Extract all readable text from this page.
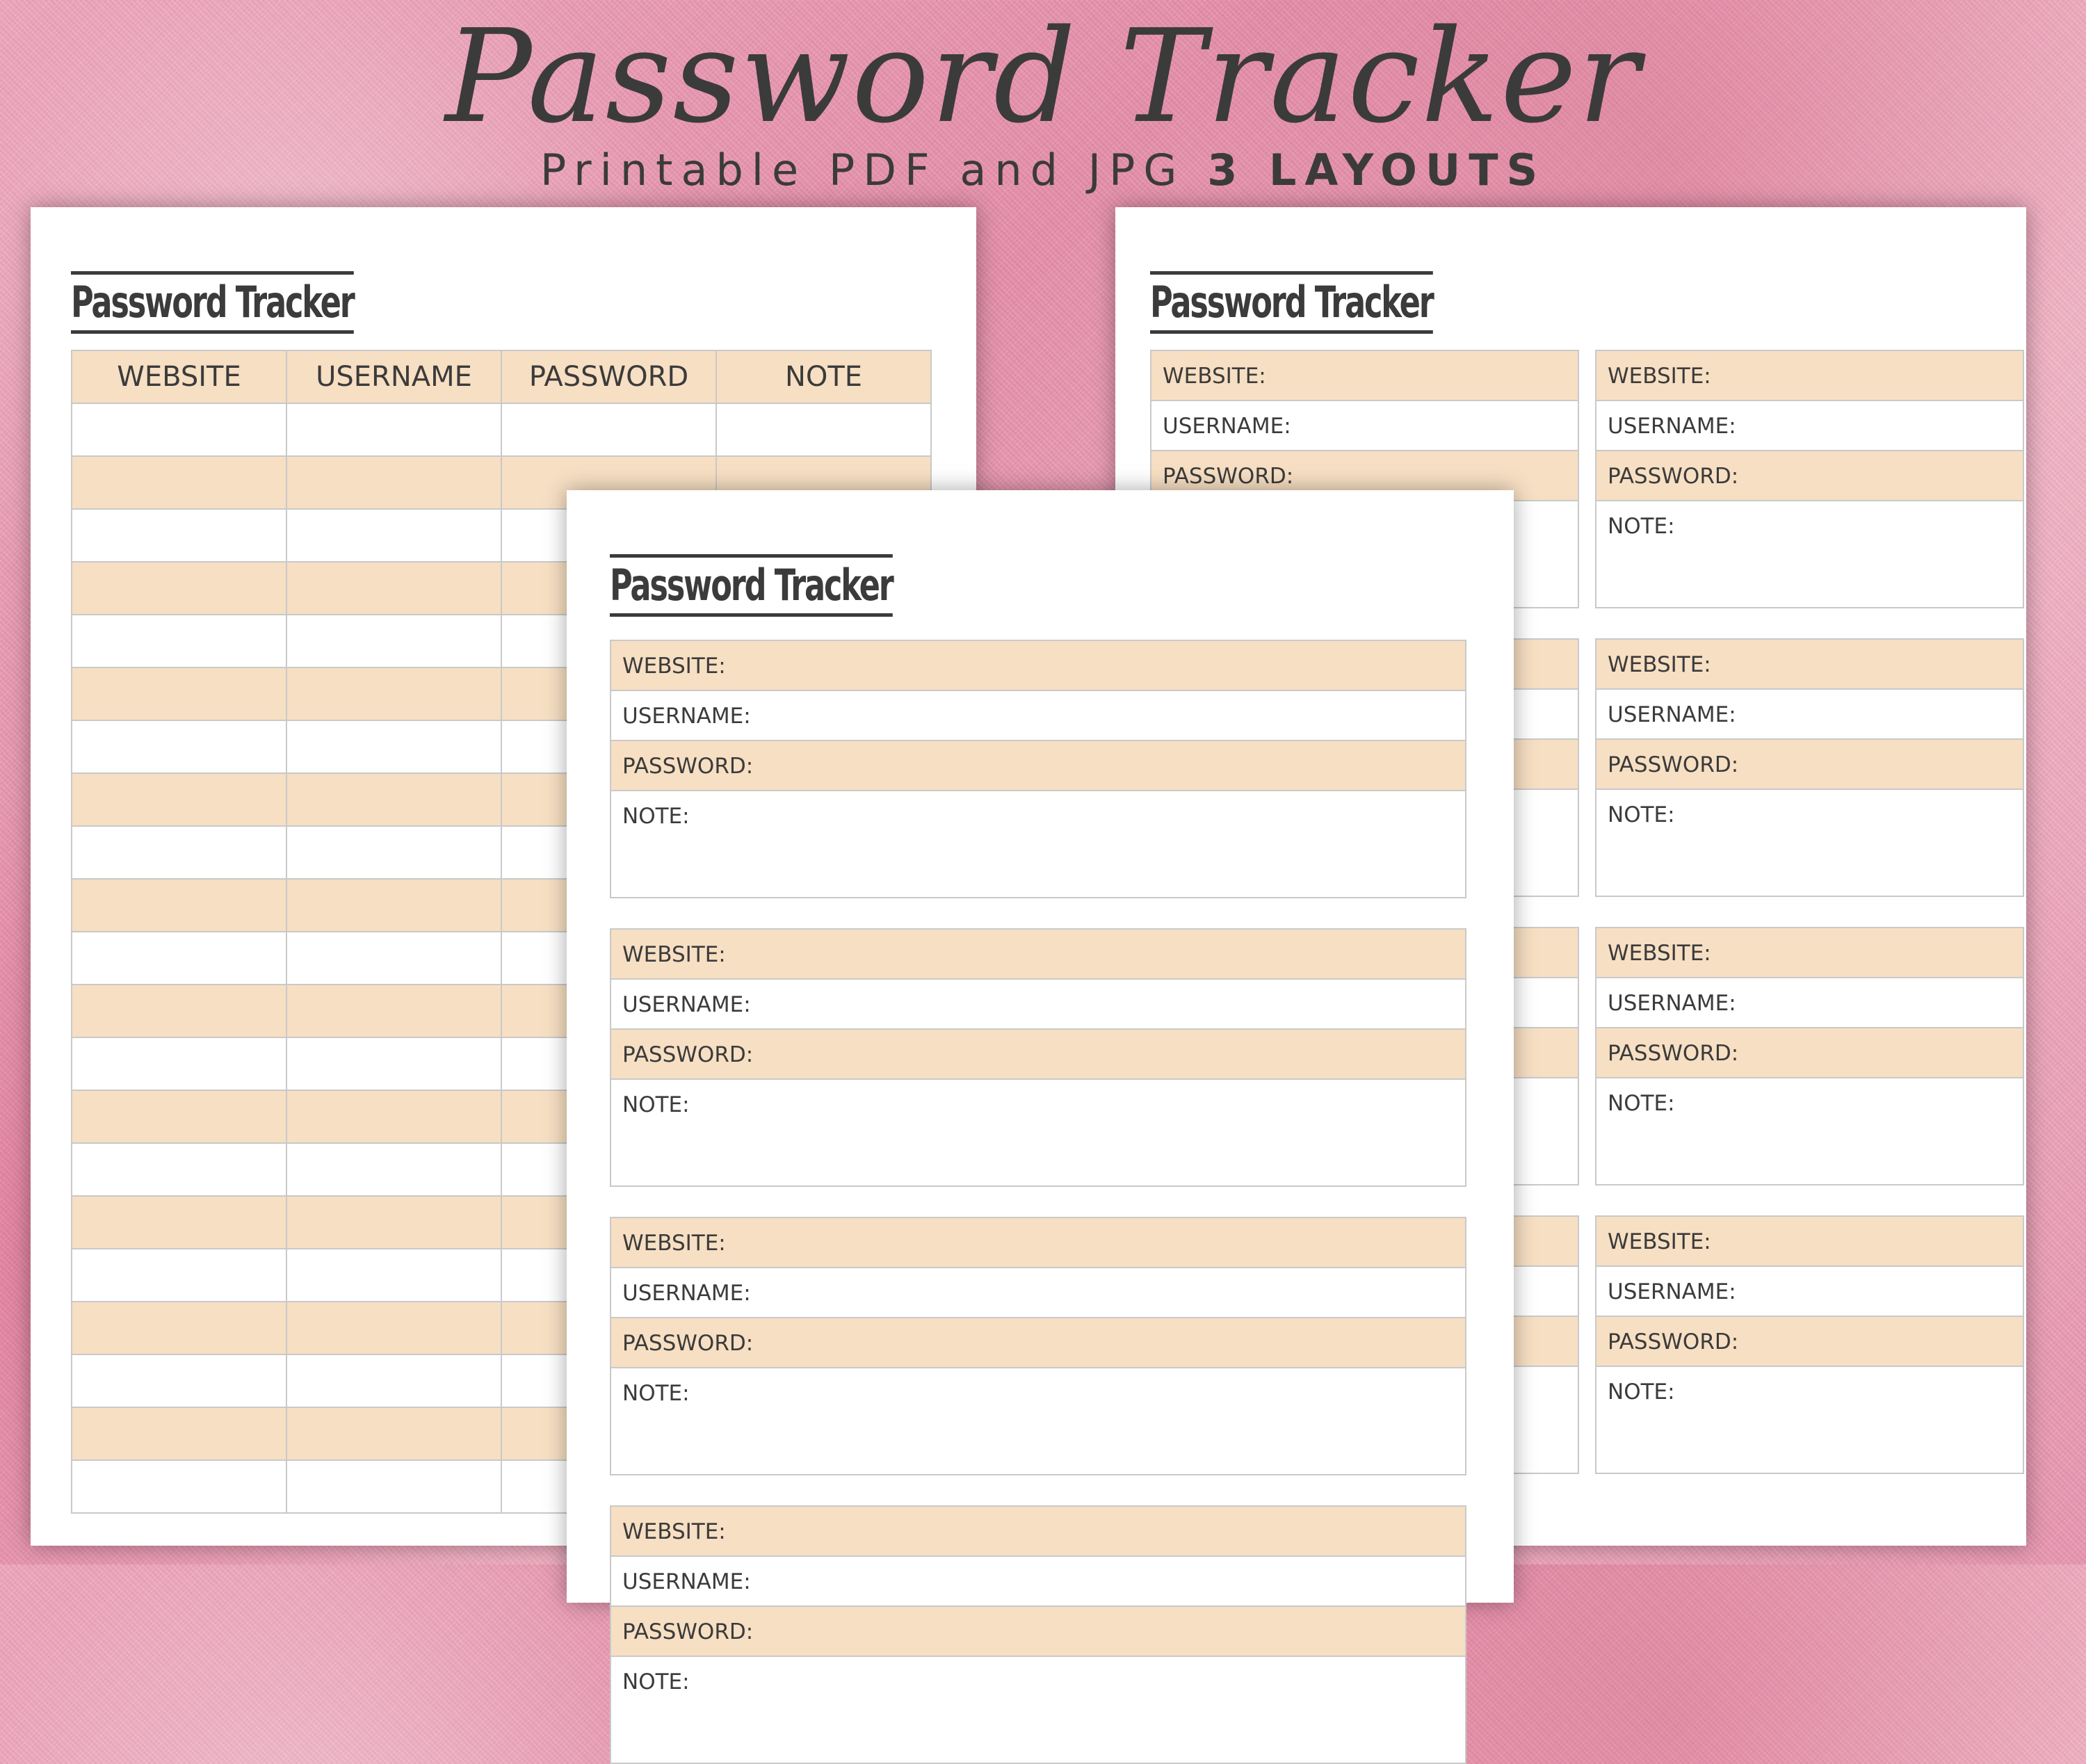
Password Tracker
Printable PDF and JPG 3 LAYOUTS
Password Tracker
WEBSITE	USERNAME	PASSWORD	NOTE

Password Tracker
WEBSITE:
USERNAME:
PASSWORD:
WEBSITE:
USERNAME:
PASSWORD:
NOTE:
WEBSITE:
USERNAME:
PASSWORD:
NOTE:
WEBSITE:
USERNAME:
PASSWORD:
NOTE:
WEBSITE:
USERNAME:
PASSWORD:
NOTE:
Password Tracker
WEBSITE:
USERNAME:
PASSWORD:
NOTE:
WEBSITE:
USERNAME:
PASSWORD:
NOTE:
WEBSITE:
USERNAME:
PASSWORD:
NOTE:
WEBSITE:
USERNAME:
PASSWORD:
NOTE:
